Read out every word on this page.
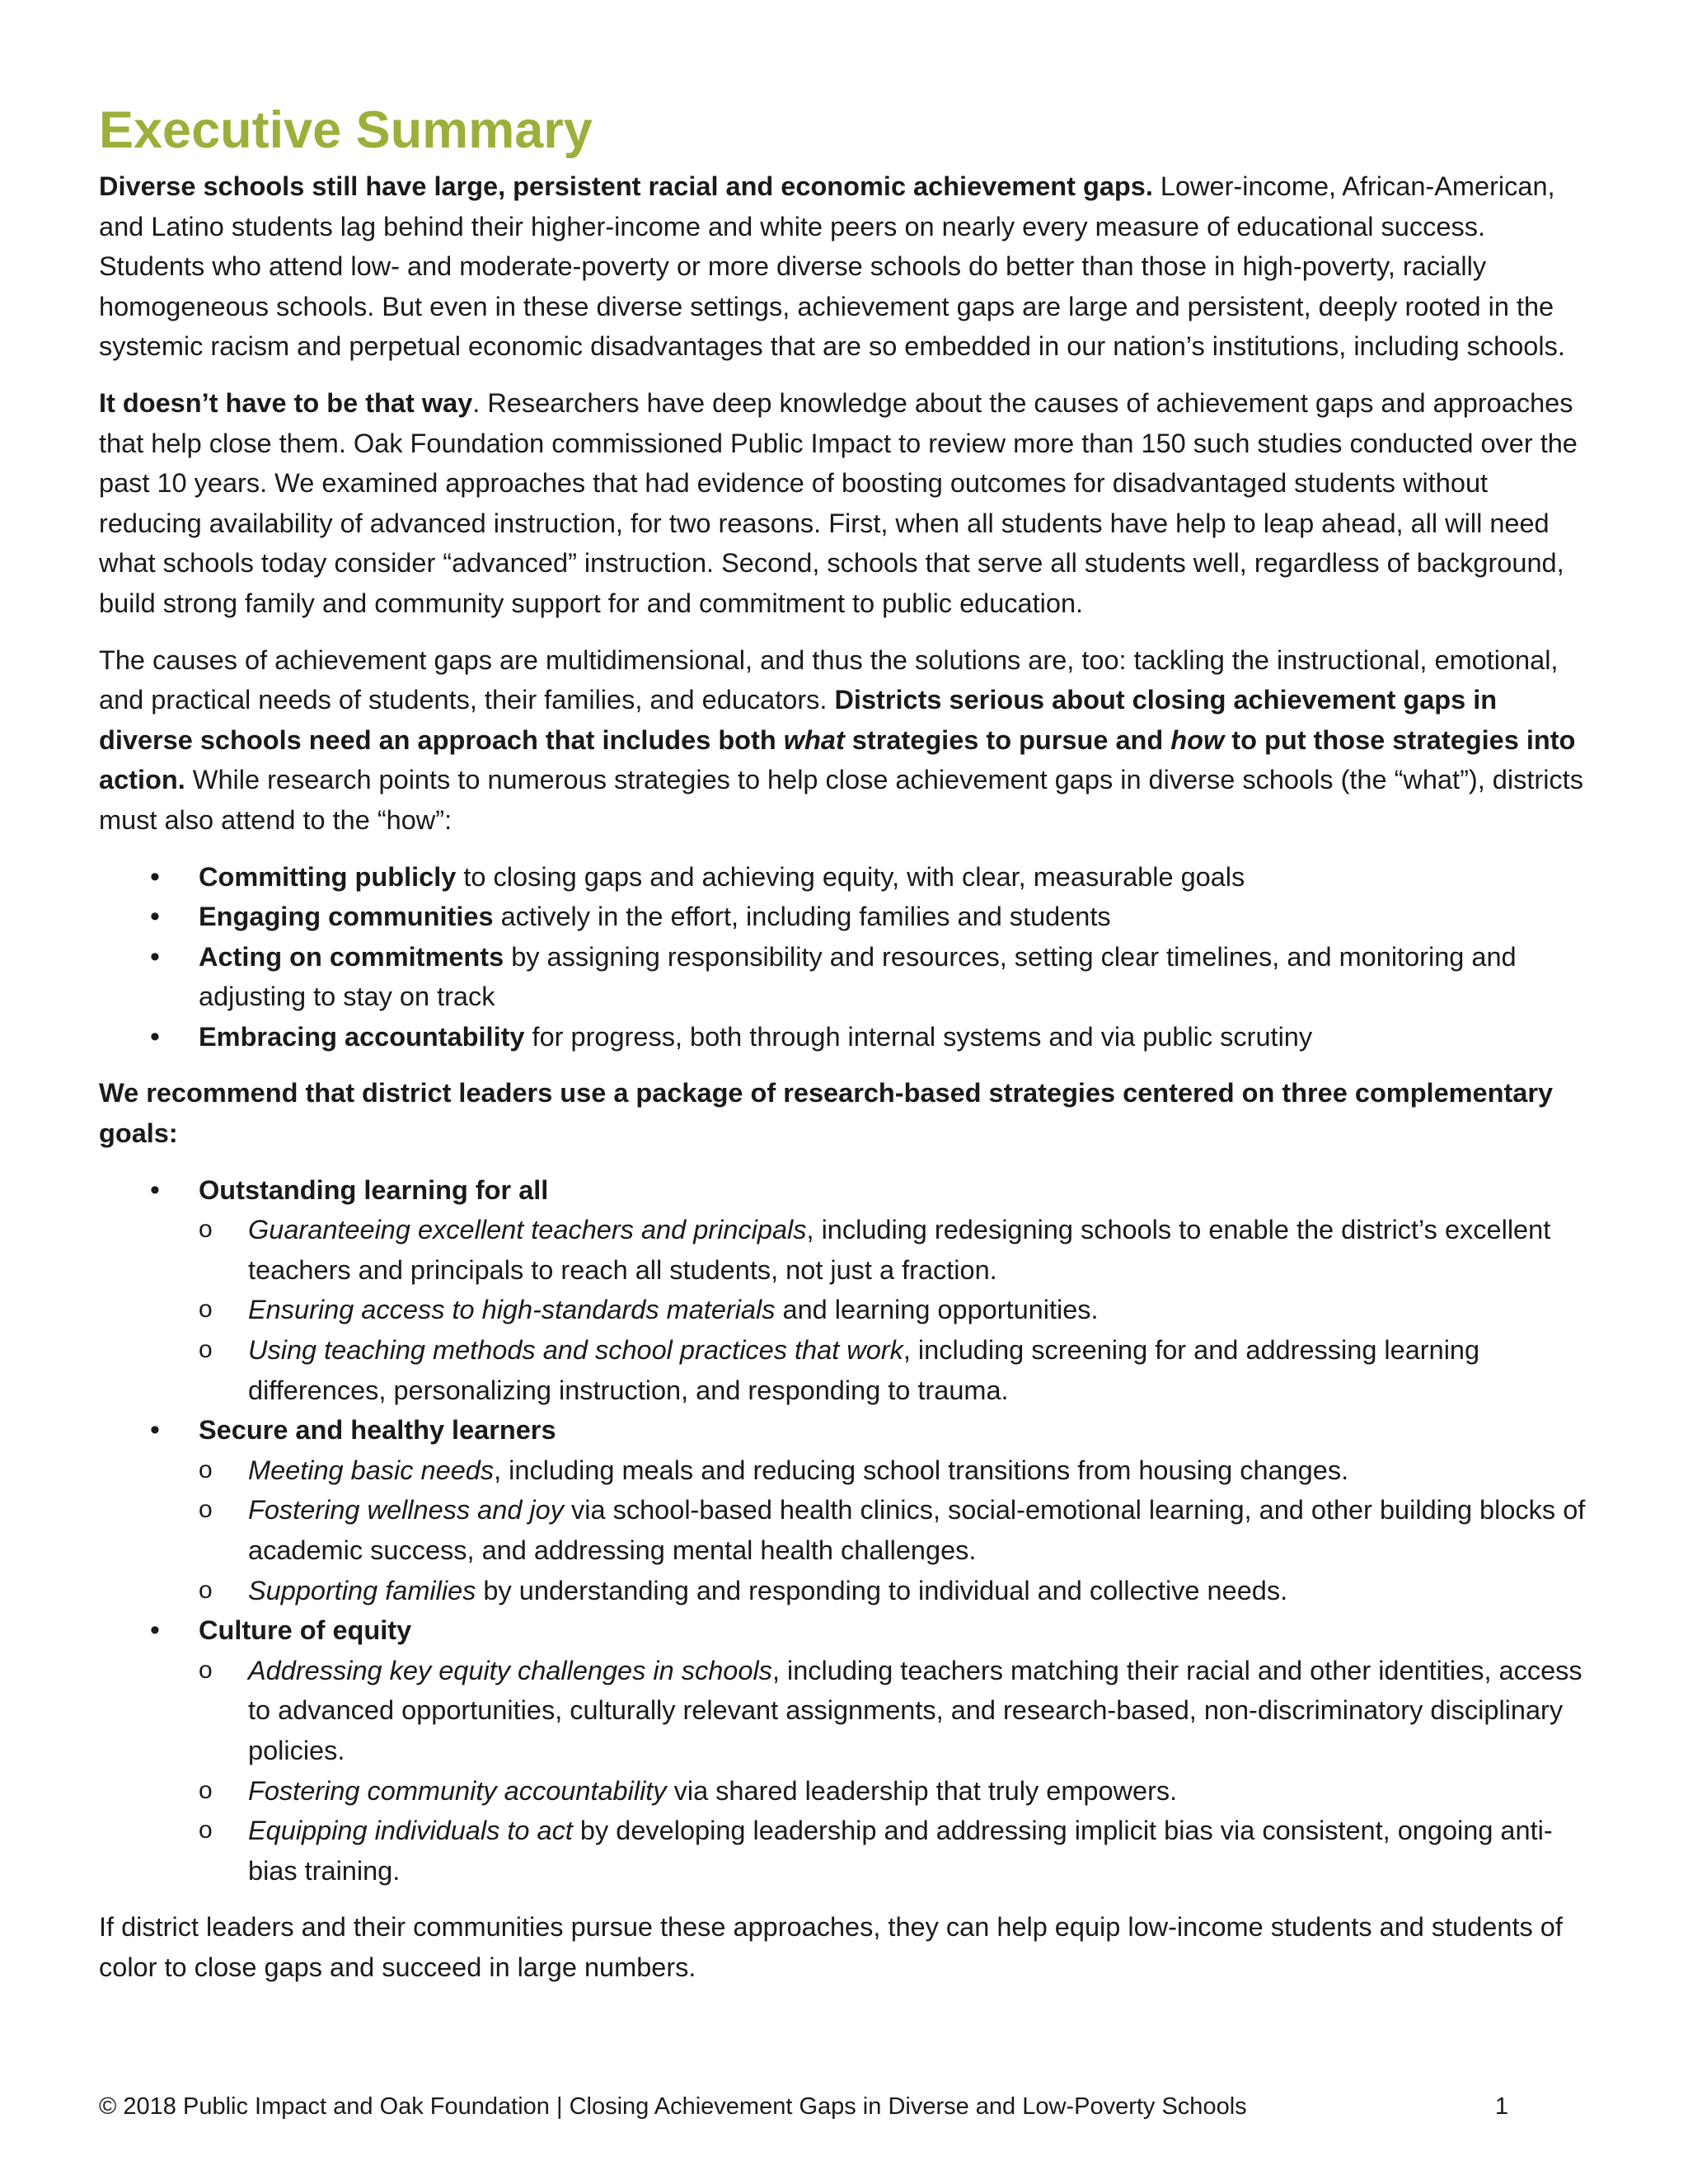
Executive Summary

Diverse schools still have large, persistent racial and economic achievement gaps. Lower-income, African-American, and Latino students lag behind their higher-income and white peers on nearly every measure of educational success. Students who attend low- and moderate-poverty or more diverse schools do better than those in high-poverty, racially homogeneous schools. But even in these diverse settings, achievement gaps are large and persistent, deeply rooted in the systemic racism and perpetual economic disadvantages that are so embedded in our nation’s institutions, including schools.

It doesn’t have to be that way. Researchers have deep knowledge about the causes of achievement gaps and approaches that help close them. Oak Foundation commissioned Public Impact to review more than 150 such studies conducted over the past 10 years. We examined approaches that had evidence of boosting outcomes for disadvantaged students without reducing availability of advanced instruction, for two reasons. First, when all students have help to leap ahead, all will need what schools today consider “advanced” instruction. Second, schools that serve all students well, regardless of background, build strong family and community support for and commitment to public education.

The causes of achievement gaps are multidimensional, and thus the solutions are, too: tackling the instructional, emotional, and practical needs of students, their families, and educators. Districts serious about closing achievement gaps in diverse schools need an approach that includes both what strategies to pursue and how to put those strategies into action. While research points to numerous strategies to help close achievement gaps in diverse schools (the “what”), districts must also attend to the “how”:

• Committing publicly to closing gaps and achieving equity, with clear, measurable goals
• Engaging communities actively in the effort, including families and students
• Acting on commitments by assigning responsibility and resources, setting clear timelines, and monitoring and adjusting to stay on track
• Embracing accountability for progress, both through internal systems and via public scrutiny

We recommend that district leaders use a package of research-based strategies centered on three complementary goals:

• Outstanding learning for all
o Guaranteeing excellent teachers and principals, including redesigning schools to enable the district’s excellent teachers and principals to reach all students, not just a fraction.
o Ensuring access to high-standards materials and learning opportunities.
o Using teaching methods and school practices that work, including screening for and addressing learning differences, personalizing instruction, and responding to trauma.
• Secure and healthy learners
o Meeting basic needs, including meals and reducing school transitions from housing changes.
o Fostering wellness and joy via school-based health clinics, social-emotional learning, and other building blocks of academic success, and addressing mental health challenges.
o Supporting families by understanding and responding to individual and collective needs.
• Culture of equity
o Addressing key equity challenges in schools, including teachers matching their racial and other identities, access to advanced opportunities, culturally relevant assignments, and research-based, non-discriminatory disciplinary policies.
o Fostering community accountability via shared leadership that truly empowers.
o Equipping individuals to act by developing leadership and addressing implicit bias via consistent, ongoing anti-bias training.

If district leaders and their communities pursue these approaches, they can help equip low-income students and students of color to close gaps and succeed in large numbers.

© 2018 Public Impact and Oak Foundation | Closing Achievement Gaps in Diverse and Low-Poverty Schools	1
